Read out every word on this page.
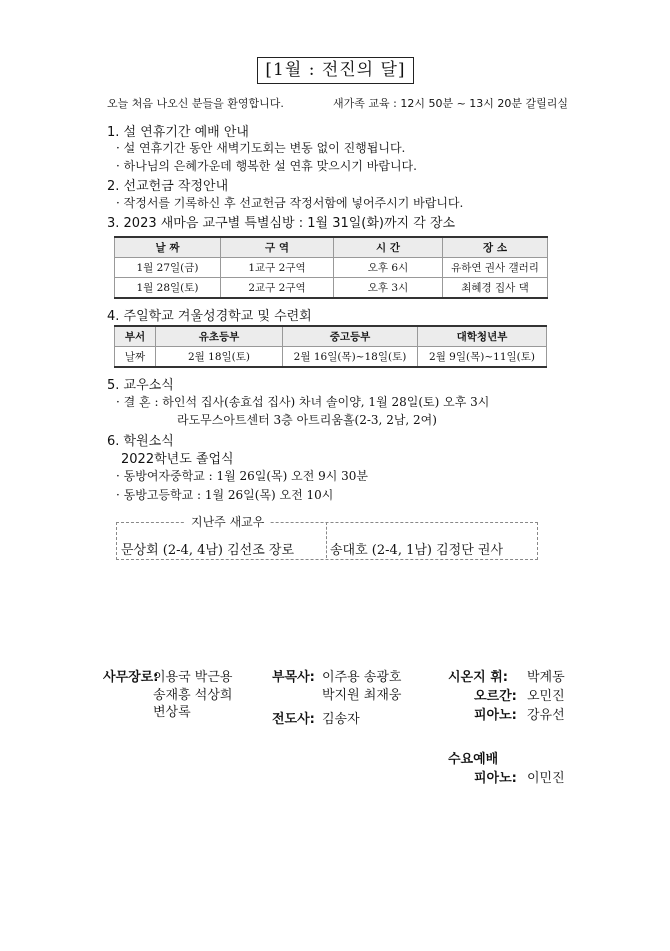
[1월 : 전진의 달]
오늘 처음 나오신 분들을 환영합니다.	새가족 교육 : 12시 50분 ~ 13시 20분 갈릴리실
1. 설 연휴기간 예배 안내
· 설 연휴기간 동안 새벽기도회는 변동 없이 진행됩니다.
· 하나님의 은혜가운데 행복한 설 연휴 맞으시기 바랍니다.
2. 선교헌금 작정안내
· 작정서를 기록하신 후 선교헌금 작정서함에 넣어주시기 바랍니다.
3. 2023 새마음 교구별 특별심방 : 1월 31일(화)까지 각 장소
날 짜	구 역	시 간	장 소
1월 27일(금)	1교구 2구역	오후 6시	유하연 권사 갤러리
1월 28일(토)	2교구 2구역	오후 3시	최혜경 집사 댁
4. 주일학교 겨울성경학교 및 수련회
부서	유초등부	중고등부	대학청년부
날짜	2월 18일(토)	2월 16일(목)~18일(토)	2월 9일(목)~11일(토)
5. 교우소식
· 결 혼 : 하인석 집사(송효섭 집사) 차녀 솔이양, 1월 28일(토) 오후 3시
라도무스아트센터 3층 아트리움홀(2-3, 2남, 2여)
6. 학원소식
2022학년도 졸업식
· 동방여자중학교 : 1월 26일(목) 오전 9시 30분
· 동방고등학교 : 1월 26일(목) 오전 10시
지난주 새교우
문상회 (2-4, 4남) 김선조 장로	송대호 (2-4, 1남) 김정단 권사
사무장로:
이용국 박근용
송재흥 석상희
변상록
부목사: 이주용 송광호
박지원 최재웅
전도사: 김송자
시온지 휘: 박계동
오르간: 오민진
피아노: 강유선
수요예배
피아노: 이민진
